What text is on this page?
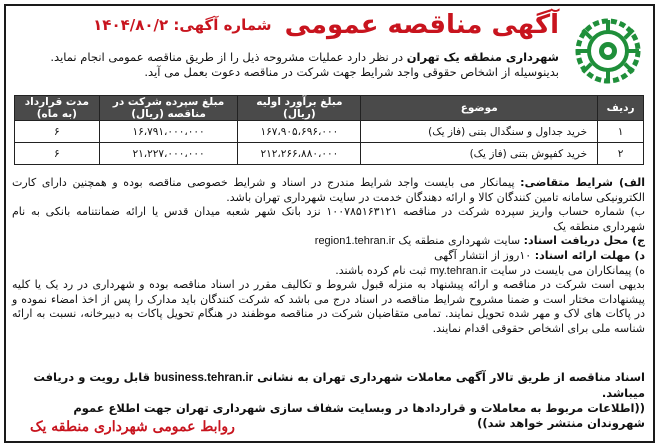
آگهی مناقصه عمومی شماره آگهی: ۱۴۰۴/۸۰/۲
شهرداری منطقه یک تهران در نظر دارد عملیات مشروحه ذیل را از طریق مناقصه عمومی انجام نماید. بدینوسیله از اشخاص حقوقی واجد شرایط جهت شرکت در مناقصه دعوت بعمل می آید.
ردیف	موضوع	مبلغ برآورد اولیه (ریال)	مبلغ سپرده شرکت در مناقصه (ریال)	مدت قرارداد (به ماه)
۱	خرید جداول و سنگدال بتنی (فاز یک)	۱۶۷،۹۰۵،۶۹۶،۰۰۰	۱۶،۷۹۱،۰۰۰،۰۰۰	۶
۲	خرید کفپوش بتنی (فاز یک)	۲۱۲،۲۶۶،۸۸۰،۰۰۰	۲۱،۲۲۷،۰۰۰،۰۰۰	۶

الف) شرایط متقاضی: پیمانکار می بایست واجد شرایط مندرج در اسناد و شرایط خصوصی مناقصه بوده و همچنین دارای کارت الکترونیکی سامانه تامین کنندگان کالا و ارائه دهندگان خدمت در سایت شهرداری تهران باشد.

ب) شماره حساب واریز سپرده شرکت در مناقصه ۱۰۰۷۸۵۱۶۳۱۲۱ نزد بانک شهر شعبه میدان قدس یا ارائه ضمانتنامه بانکی به نام شهرداری منطقه یک

ج) محل دریافت اسناد: سایت شهرداری منطقه یک region1.tehran.ir

د) مهلت ارائه اسناد: ۱۰روز از انتشار آگهی

ه) پیمانکاران می بایست در سایت my.tehran.ir ثبت نام کرده باشند.

بدیهی است شرکت در مناقصه و ارائه پیشنهاد به منزله قبول شروط و تکالیف مقرر در اسناد مناقصه بوده و شهرداری در رد یک یا کلیه پیشنهادات مختار است و ضمنا مشروح شرایط مناقصه در اسناد درج می باشد که شرکت کنندگان باید مدارک را پس از اخذ امضاء نموده و در پاکات های لاک و مهر شده تحویل نمایند. تمامی متقاضیان شرکت در مناقصه موظفند در هنگام تحویل پاکات به دبیرخانه، نسبت به ارائه شناسه ملی برای اشخاص حقوقی اقدام نمایند.

اسناد مناقصه از طریق تالار آگهی معاملات شهرداری تهران به نشانی business.tehran.ir قابل رویت و دریافت میباشد.

((اطلاعات مربوط به معاملات و قراردادها در وبسایت شفاف سازی شهرداری تهران جهت اطلاع عموم شهروندان منتشر خواهد شد))

روابط عمومی شهرداری منطقه یک
